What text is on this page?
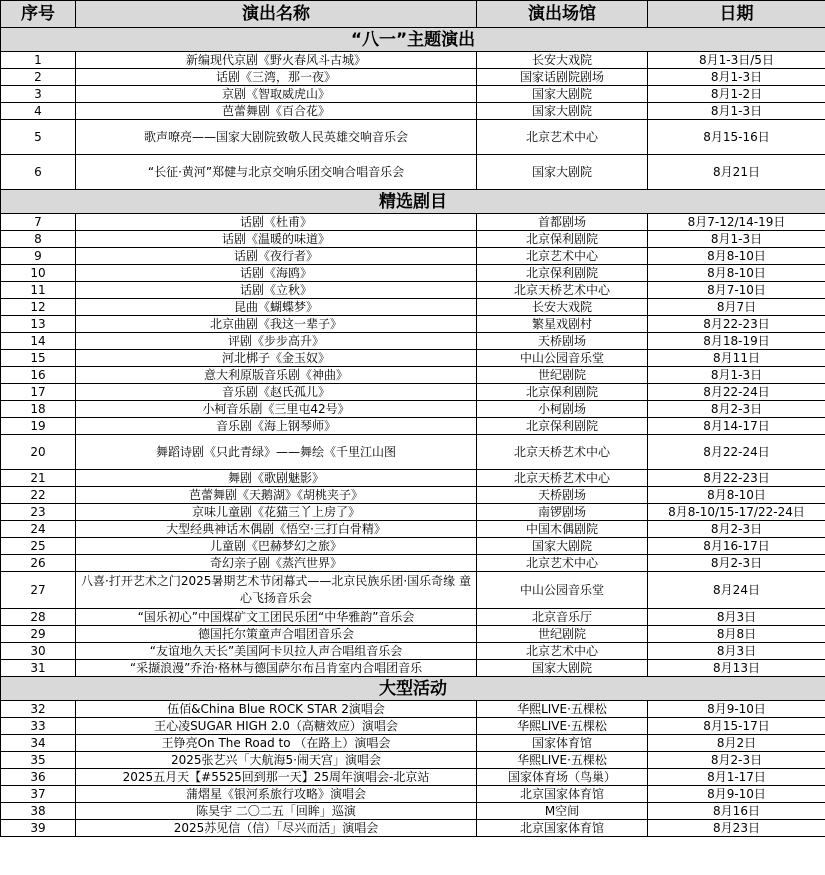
序号	演出名称	演出场馆	日期
“八一”主题演出			
1	新编现代京剧《野火春风斗古城》	长安大戏院	8月1-3日/5日
2	话剧《三湾，那一夜》	国家话剧院剧场	8月1-3日
3	京剧《智取威虎山》	国家大剧院	8月1-2日
4	芭蕾舞剧《百合花》	国家大剧院	8月1-3日
5	歌声嘹亮——国家大剧院致敬人民英雄交响音乐会	北京艺术中心	8月15-16日
6	“长征·黄河”郑健与北京交响乐团交响合唱音乐会	国家大剧院	8月21日
精选剧目			
7	话剧《杜甫》	首都剧场	8月7-12/14-19日
8	话剧《温暖的味道》	北京保利剧院	8月1-3日
9	话剧《夜行者》	北京艺术中心	8月8-10日
10	话剧《海鸥》	北京保利剧院	8月8-10日
11	话剧《立秋》	北京天桥艺术中心	8月7-10日
12	昆曲《蝴蝶梦》	长安大戏院	8月7日
13	北京曲剧《我这一辈子》	繁星戏剧村	8月22-23日
14	评剧《步步高升》	天桥剧场	8月18-19日
15	河北梆子《金玉奴》	中山公园音乐堂	8月11日
16	意大利原版音乐剧《神曲》	世纪剧院	8月1-3日
17	音乐剧《赵氏孤儿》	北京保利剧院	8月22-24日
18	小柯音乐剧《三里屯42号》	小柯剧场	8月2-3日
19	音乐剧《海上钢琴师》	北京保利剧院	8月14-17日
20	舞蹈诗剧《只此青绿》——舞绘《千里江山图	北京天桥艺术中心	8月22-24日
21	舞剧《歌剧魅影》	北京天桥艺术中心	8月22-23日
22	芭蕾舞剧《天鹅湖》《胡桃夹子》	天桥剧场	8月8-10日
23	京味儿童剧《花猫三丫上房了》	南锣剧场	8月8-10/15-17/22-24日
24	大型经典神话木偶剧《悟空·三打白骨精》	中国木偶剧院	8月2-3日
25	儿童剧《巴赫梦幻之旅》	国家大剧院	8月16-17日
26	奇幻亲子剧《蒸汽世界》	北京艺术中心	8月2-3日
27	八喜·打开艺术之门2025暑期艺术节闭幕式——北京民族乐团·国乐奇缘 童心飞扬音乐会	中山公园音乐堂	8月24日
28	“国乐初心”中国煤矿文工团民乐团“中华雅韵”音乐会	北京音乐厅	8月3日
29	德国托尔策童声合唱团音乐会	世纪剧院	8月8日
30	“友谊地久天长”美国阿卡贝拉人声合唱组音乐会	北京艺术中心	8月3日
31	“采撷浪漫”乔治·格林与德国萨尔布吕肯室内合唱团音乐	国家大剧院	8月13日
大型活动			
32	伍佰&China Blue ROCK STAR 2演唱会	华熙LIVE·五棵松	8月9-10日
33	王心凌SUGAR HIGH 2.0（高糖效应）演唱会	华熙LIVE·五棵松	8月15-17日
34	王铮亮On The Road to （在路上）演唱会	国家体育馆	8月2日
35	2025张艺兴「大航海5·闹天宫」演唱会	华熙LIVE·五棵松	8月2-3日
36	2025五月天【#5525回到那一天】25周年演唱会-北京站	国家体育场（鸟巢）	8月1-17日
37	蒲熠星《银河系旅行攻略》演唱会	北京国家体育馆	8月9-10日
38	陈昊宇 二〇二五「回眸」巡演	M空间	8月16日
39	2025苏见信（信）「尽兴而活」演唱会	北京国家体育馆	8月23日
